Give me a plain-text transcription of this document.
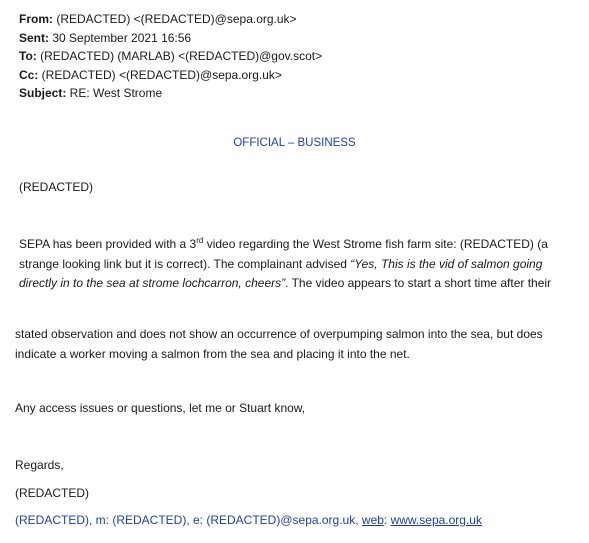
From: (REDACTED) <(REDACTED)@sepa.org.uk>
Sent: 30 September 2021 16:56
To: (REDACTED) (MARLAB) <(REDACTED)@gov.scot>
Cc: (REDACTED) <(REDACTED)@sepa.org.uk>
Subject: RE: West Strome
OFFICIAL – BUSINESS
(REDACTED)
SEPA has been provided with a 3rd video regarding the West Strome fish farm site: (REDACTED) (a
strange looking link but it is correct). The complainant advised “Yes, This is the vid of salmon going
directly in to the sea at strome lochcarron, cheers”. The video appears to start a short time after their
stated observation and does not show an occurrence of overpumping salmon into the sea, but does
indicate a worker moving a salmon from the sea and placing it into the net.
Any access issues or questions, let me or Stuart know,
Regards,
(REDACTED)
(REDACTED), m: (REDACTED), e: (REDACTED)@sepa.org.uk, web: www.sepa.org.uk
